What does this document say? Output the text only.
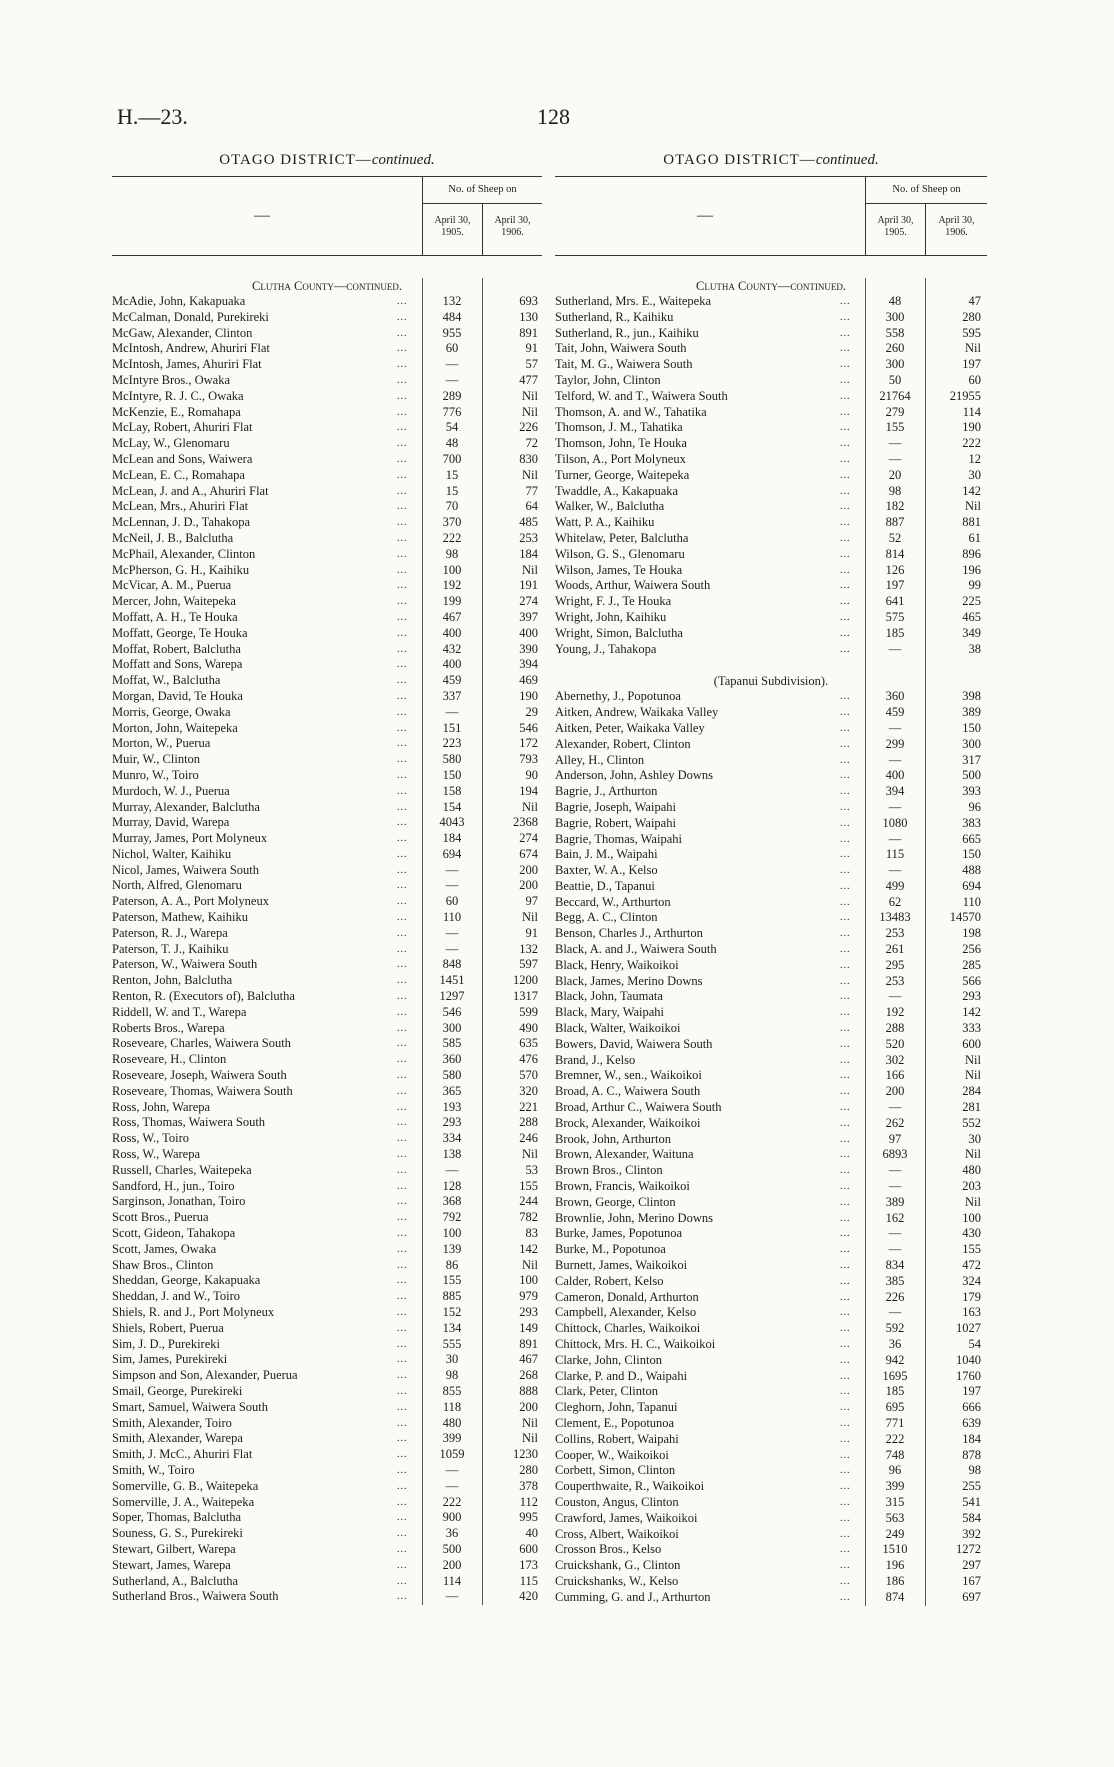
H.—23.	128
OTAGO DISTRICT—continued.
—
No. of Sheep on
April 30, 1905.
April 30, 1906.
Clutha County—continued.
McAdie, John, Kakapuaka	...	132	693
McCalman, Donald, Purekireki	...	484	130
McGaw, Alexander, Clinton	...	955	891
McIntosh, Andrew, Ahuriri Flat	...	60	91
McIntosh, James, Ahuriri Flat	...	—	57
McIntyre Bros., Owaka	...	—	477
McIntyre, R. J. C., Owaka	...	289	Nil
McKenzie, E., Romahapa	...	776	Nil
McLay, Robert, Ahuriri Flat	...	54	226
McLay, W., Glenomaru	...	48	72
McLean and Sons, Waiwera	...	700	830
McLean, E. C., Romahapa	...	15	Nil
McLean, J. and A., Ahuriri Flat	...	15	77
McLean, Mrs., Ahuriri Flat	...	70	64
McLennan, J. D., Tahakopa	...	370	485
McNeil, J. B., Balclutha	...	222	253
McPhail, Alexander, Clinton	...	98	184
McPherson, G. H., Kaihiku	...	100	Nil
McVicar, A. M., Puerua	...	192	191
Mercer, John, Waitepeka	...	199	274
Moffatt, A. H., Te Houka	...	467	397
Moffatt, George, Te Houka	...	400	400
Moffat, Robert, Balclutha	...	432	390
Moffatt and Sons, Warepa	...	400	394
Moffat, W., Balclutha	...	459	469
Morgan, David, Te Houka	...	337	190
Morris, George, Owaka	...	—	29
Morton, John, Waitepeka	...	151	546
Morton, W., Puerua	...	223	172
Muir, W., Clinton	...	580	793
Munro, W., Toiro	...	150	90
Murdoch, W. J., Puerua	...	158	194
Murray, Alexander, Balclutha	...	154	Nil
Murray, David, Warepa	...	4043	2368
Murray, James, Port Molyneux	...	184	274
Nichol, Walter, Kaihiku	...	694	674
Nicol, James, Waiwera South	...	—	200
North, Alfred, Glenomaru	...	—	200
Paterson, A. A., Port Molyneux	...	60	97
Paterson, Mathew, Kaihiku	...	110	Nil
Paterson, R. J., Warepa	...	—	91
Paterson, T. J., Kaihiku	...	—	132
Paterson, W., Waiwera South	...	848	597
Renton, John, Balclutha	...	1451	1200
Renton, R. (Executors of), Balclutha	...	1297	1317
Riddell, W. and T., Warepa	...	546	599
Roberts Bros., Warepa	...	300	490
Roseveare, Charles, Waiwera South	...	585	635
Roseveare, H., Clinton	...	360	476
Roseveare, Joseph, Waiwera South	...	580	570
Roseveare, Thomas, Waiwera South	...	365	320
Ross, John, Warepa	...	193	221
Ross, Thomas, Waiwera South	...	293	288
Ross, W., Toiro	...	334	246
Ross, W., Warepa	...	138	Nil
Russell, Charles, Waitepeka	...	—	53
Sandford, H., jun., Toiro	...	128	155
Sarginson, Jonathan, Toiro	...	368	244
Scott Bros., Puerua	...	792	782
Scott, Gideon, Tahakopa	...	100	83
Scott, James, Owaka	...	139	142
Shaw Bros., Clinton	...	86	Nil
Sheddan, George, Kakapuaka	...	155	100
Sheddan, J. and W., Toiro	...	885	979
Shiels, R. and J., Port Molyneux	...	152	293
Shiels, Robert, Puerua	...	134	149
Sim, J. D., Purekireki	...	555	891
Sim, James, Purekireki	...	30	467
Simpson and Son, Alexander, Puerua	...	98	268
Smail, George, Purekireki	...	855	888
Smart, Samuel, Waiwera South	...	118	200
Smith, Alexander, Toiro	...	480	Nil
Smith, Alexander, Warepa	...	399	Nil
Smith, J. McC., Ahuriri Flat	...	1059	1230
Smith, W., Toiro	...	—	280
Somerville, G. B., Waitepeka	...	—	378
Somerville, J. A., Waitepeka	...	222	112
Soper, Thomas, Balclutha	...	900	995
Souness, G. S., Purekireki	...	36	40
Stewart, Gilbert, Warepa	...	500	600
Stewart, James, Warepa	...	200	173
Sutherland, A., Balclutha	...	114	115
Sutherland Bros., Waiwera South	...	—	420
OTAGO DISTRICT—continued.
—
No. of Sheep on
April 30, 1905.
April 30, 1906.
Clutha County—continued.
Sutherland, Mrs. E., Waitepeka	...	48	47
Sutherland, R., Kaihiku	...	300	280
Sutherland, R., jun., Kaihiku	...	558	595
Tait, John, Waiwera South	...	260	Nil
Tait, M. G., Waiwera South	...	300	197
Taylor, John, Clinton	...	50	60
Telford, W. and T., Waiwera South	...	21764	21955
Thomson, A. and W., Tahatika	...	279	114
Thomson, J. M., Tahatika	...	155	190
Thomson, John, Te Houka	...	—	222
Tilson, A., Port Molyneux	...	—	12
Turner, George, Waitepeka	...	20	30
Twaddle, A., Kakapuaka	...	98	142
Walker, W., Balclutha	...	182	Nil
Watt, P. A., Kaihiku	...	887	881
Whitelaw, Peter, Balclutha	...	52	61
Wilson, G. S., Glenomaru	...	814	896
Wilson, James, Te Houka	...	126	196
Woods, Arthur, Waiwera South	...	197	99
Wright, F. J., Te Houka	...	641	225
Wright, John, Kaihiku	...	575	465
Wright, Simon, Balclutha	...	185	349
Young, J., Tahakopa	...	—	38
(Tapanui Subdivision).
Abernethy, J., Popotunoa	...	360	398
Aitken, Andrew, Waikaka Valley	...	459	389
Aitken, Peter, Waikaka Valley	...	—	150
Alexander, Robert, Clinton	...	299	300
Alley, H., Clinton	...	—	317
Anderson, John, Ashley Downs	...	400	500
Bagrie, J., Arthurton	...	394	393
Bagrie, Joseph, Waipahi	...	—	96
Bagrie, Robert, Waipahi	...	1080	383
Bagrie, Thomas, Waipahi	...	—	665
Bain, J. M., Waipahi	...	115	150
Baxter, W. A., Kelso	...	—	488
Beattie, D., Tapanui	...	499	694
Beccard, W., Arthurton	...	62	110
Begg, A. C., Clinton	...	13483	14570
Benson, Charles J., Arthurton	...	253	198
Black, A. and J., Waiwera South	...	261	256
Black, Henry, Waikoikoi	...	295	285
Black, James, Merino Downs	...	253	566
Black, John, Taumata	...	—	293
Black, Mary, Waipahi	...	192	142
Black, Walter, Waikoikoi	...	288	333
Bowers, David, Waiwera South	...	520	600
Brand, J., Kelso	...	302	Nil
Bremner, W., sen., Waikoikoi	...	166	Nil
Broad, A. C., Waiwera South	...	200	284
Broad, Arthur C., Waiwera South	...	—	281
Brock, Alexander, Waikoikoi	...	262	552
Brook, John, Arthurton	...	97	30
Brown, Alexander, Waituna	...	6893	Nil
Brown Bros., Clinton	...	—	480
Brown, Francis, Waikoikoi	...	—	203
Brown, George, Clinton	...	389	Nil
Brownlie, John, Merino Downs	...	162	100
Burke, James, Popotunoa	...	—	430
Burke, M., Popotunoa	...	—	155
Burnett, James, Waikoikoi	...	834	472
Calder, Robert, Kelso	...	385	324
Cameron, Donald, Arthurton	...	226	179
Campbell, Alexander, Kelso	...	—	163
Chittock, Charles, Waikoikoi	...	592	1027
Chittock, Mrs. H. C., Waikoikoi	...	36	54
Clarke, John, Clinton	...	942	1040
Clarke, P. and D., Waipahi	...	1695	1760
Clark, Peter, Clinton	...	185	197
Cleghorn, John, Tapanui	...	695	666
Clement, E., Popotunoa	...	771	639
Collins, Robert, Waipahi	...	222	184
Cooper, W., Waikoikoi	...	748	878
Corbett, Simon, Clinton	...	96	98
Couperthwaite, R., Waikoikoi	...	399	255
Couston, Angus, Clinton	...	315	541
Crawford, James, Waikoikoi	...	563	584
Cross, Albert, Waikoikoi	...	249	392
Crosson Bros., Kelso	...	1510	1272
Cruickshank, G., Clinton	...	196	297
Cruickshanks, W., Kelso	...	186	167
Cumming, G. and J., Arthurton	...	874	697
